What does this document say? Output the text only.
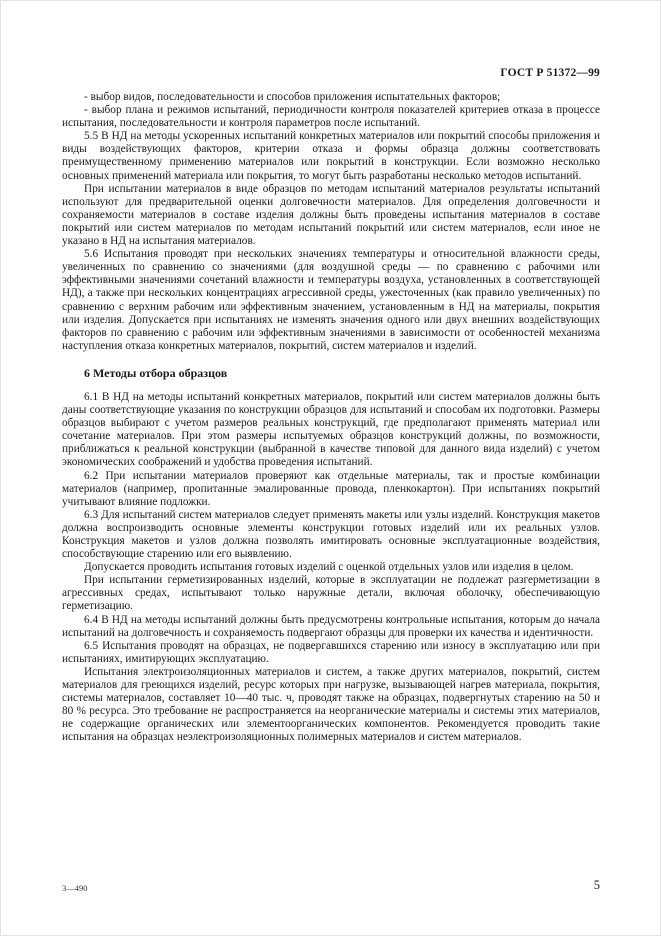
ГОСТ Р 51372—99

- выбор видов, последовательности и способов приложения испытательных факторов;

- выбор плана и режимов испытаний, периодичности контроля показателей критериев отказа в процессе испытания, последовательности и контроля параметров после испытаний.

5.5 В НД на методы ускоренных испытаний конкретных материалов или покрытий способы приложения и виды воздействующих факторов, критерии отказа и формы образца должны соответствовать преимущественному применению материалов или покрытий в конструкции. Если возможно несколько основных применений материала или покрытия, то могут быть разработаны несколько методов испытаний.

При испытании материалов в виде образцов по методам испытаний материалов результаты испытаний используют для предварительной оценки долговечности материалов. Для определения долговечности и сохраняемости материалов в составе изделия должны быть проведены испытания материалов в составе покрытий или систем материалов по методам испытаний покрытий или систем материалов, если иное не указано в НД на испытания материалов.

5.6 Испытания проводят при нескольких значениях температуры и относительной влажности среды, увеличенных по сравнению со значениями (для воздушной среды — по сравнению с рабочими или эффективными значениями сочетаний влажности и температуры воздуха, установленных в соответствующей НД), а также при нескольких концентрациях агрессивной среды, ужесточенных (как правило увеличенных) по сравнению с верхним рабочим или эффективным значением, установленным в НД на материалы, покрытия или изделия. Допускается при испытаниях не изменять значения одного или двух внешних воздействующих факторов по сравнению с рабочим или эффективным значениями в зависимости от особенностей механизма наступления отказа конкретных материалов, покрытий, систем материалов и изделий.

6 Методы отбора образцов

6.1 В НД на методы испытаний конкретных материалов, покрытий или систем материалов должны быть даны соответствующие указания по конструкции образцов для испытаний и способам их подготовки. Размеры образцов выбирают с учетом размеров реальных конструкций, где предполагают применять материал или сочетание материалов. При этом размеры испытуемых образцов конструкций должны, по возможности, приближаться к реальной конструкции (выбранной в качестве типовой для данного вида изделий) с учетом экономических соображений и удобства проведения испытаний.

6.2 При испытании материалов проверяют как отдельные материалы, так и простые комбинации материалов (например, пропитанные эмалированные провода, пленкокартон). При испытаниях покрытий учитывают влияние подложки.

6.3 Для испытаний систем материалов следует применять макеты или узлы изделий. Конструкция макетов должна воспроизводить основные элементы конструкции готовых изделий или их реальных узлов. Конструкция макетов и узлов должна позволять имитировать основные эксплуатационные воздействия, способствующие старению или его выявлению.

Допускается проводить испытания готовых изделий с оценкой отдельных узлов или изделия в целом.

При испытании герметизированных изделий, которые в эксплуатации не подлежат разгерметизации в агрессивных средах, испытывают только наружные детали, включая оболочку, обеспечивающую герметизацию.

6.4 В НД на методы испытаний должны быть предусмотрены контрольные испытания, которым до начала испытаний на долговечность и сохраняемость подвергают образцы для проверки их качества и идентичности.

6.5 Испытания проводят на образцах, не подвергавшихся старению или износу в эксплуатацию или при испытаниях, имитирующих эксплуатацию.

Испытания электроизоляционных материалов и систем, а также других материалов, покрытий, систем материалов для греющихся изделий, ресурс которых при нагрузке, вызывающей нагрев материала, покрытия, системы материалов, составляет 10—40 тыс. ч, проводят также на образцах, подвергнутых старению на 50 и 80 % ресурса. Это требование не распространяется на неорганические материалы и системы этих материалов, не содержащие органических или элементоорганических компонентов. Рекомендуется проводить такие испытания на образцах неэлектроизоляционных полимерных материалов и систем материалов.

3—490	5
